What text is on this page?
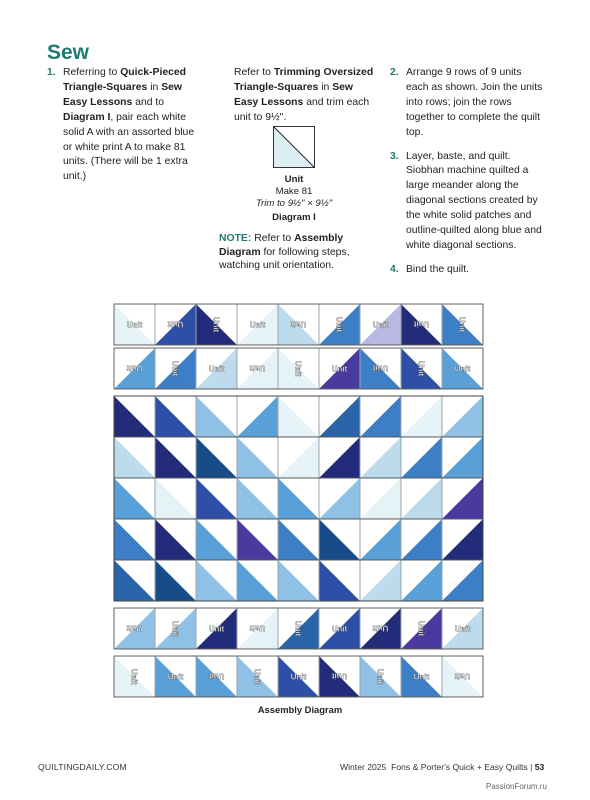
Sew
1. Referring to Quick-Pieced Triangle-Squares in Sew Easy Lessons and to Diagram I, pair each white solid A with an assorted blue or white print A to make 81 units. (There will be 1 extra unit.)
Refer to Trimming Oversized Triangle-Squares in Sew Easy Lessons and trim each unit to 9½".
Unit
Make 81
Trim to 9½" × 9½"
Diagram I
NOTE: Refer to Assembly Diagram for following steps, watching unit orientation.
2. Arrange 9 rows of 9 units each as shown. Join the units into rows; join the rows together to complete the quilt top.
3. Layer, baste, and quilt. Siobhan machine quilted a large meander along the diagonal sections created by the white solid patches and outline-quilted along blue and white diagonal sections.
4. Bind the quilt.
Unit	Unit	Unit	Unit	Unit	Unit	Unit	Unit	Unit
Unit	Unit	Unit	Unit	Unit	Unit	Unit	Unit	Unit
Unit	Unit	Unit	Unit	Unit	Unit	Unit	Unit	Unit
Unit	Unit	Unit	Unit	Unit	Unit	Unit	Unit	Unit
Assembly Diagram
QUILTINGDAILY.COM	Winter 2025 Fons & Porter's Quick + Easy Quilts | 53
PassionForum.ru
